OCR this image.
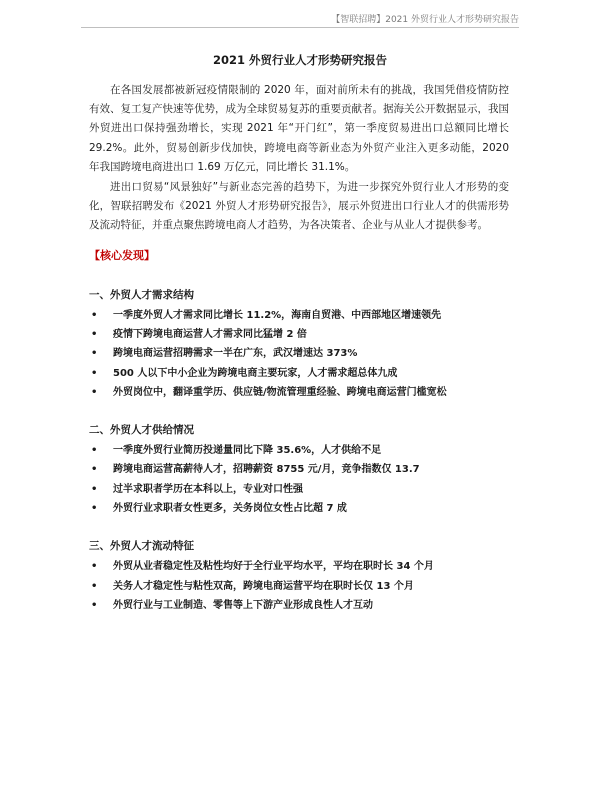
【智联招聘】2021 外贸行业人才形势研究报告
2021 外贸行业人才形势研究报告

在各国发展都被新冠疫情限制的 2020 年，面对前所未有的挑战，我国凭借疫情防控有效、复工复产快速等优势，成为全球贸易复苏的重要贡献者。据海关公开数据显示，我国外贸进出口保持强劲增长，实现 2021 年“开门红”，第一季度贸易进出口总额同比增长 29.2%。此外，贸易创新步伐加快，跨境电商等新业态为外贸产业注入更多动能，2020 年我国跨境电商进出口 1.69 万亿元，同比增长 31.1%。

进出口贸易“风景独好”与新业态完善的趋势下，为进一步探究外贸行业人才形势的变化，智联招聘发布《2021 外贸人才形势研究报告》，展示外贸进出口行业人才的供需形势及流动特征，并重点聚焦跨境电商人才趋势，为各决策者、企业与从业人才提供参考。

【核心发现】
一、外贸人才需求结构
• 一季度外贸人才需求同比增长 11.2%，海南自贸港、中西部地区增速领先
• 疫情下跨境电商运营人才需求同比猛增 2 倍
• 跨境电商运营招聘需求一半在广东，武汉增速达 373%
• 500 人以下中小企业为跨境电商主要玩家，人才需求超总体九成
• 外贸岗位中，翻译重学历、供应链/物流管理重经验、跨境电商运营门槛宽松
二、外贸人才供给情况
• 一季度外贸行业简历投递量同比下降 35.6%，人才供给不足
• 跨境电商运营高薪待人才，招聘薪资 8755 元/月，竞争指数仅 13.7
• 过半求职者学历在本科以上，专业对口性强
• 外贸行业求职者女性更多，关务岗位女性占比超 7 成
三、外贸人才流动特征
• 外贸从业者稳定性及粘性均好于全行业平均水平，平均在职时长 34 个月
• 关务人才稳定性与粘性双高，跨境电商运营平均在职时长仅 13 个月
• 外贸行业与工业制造、零售等上下游产业形成良性人才互动
